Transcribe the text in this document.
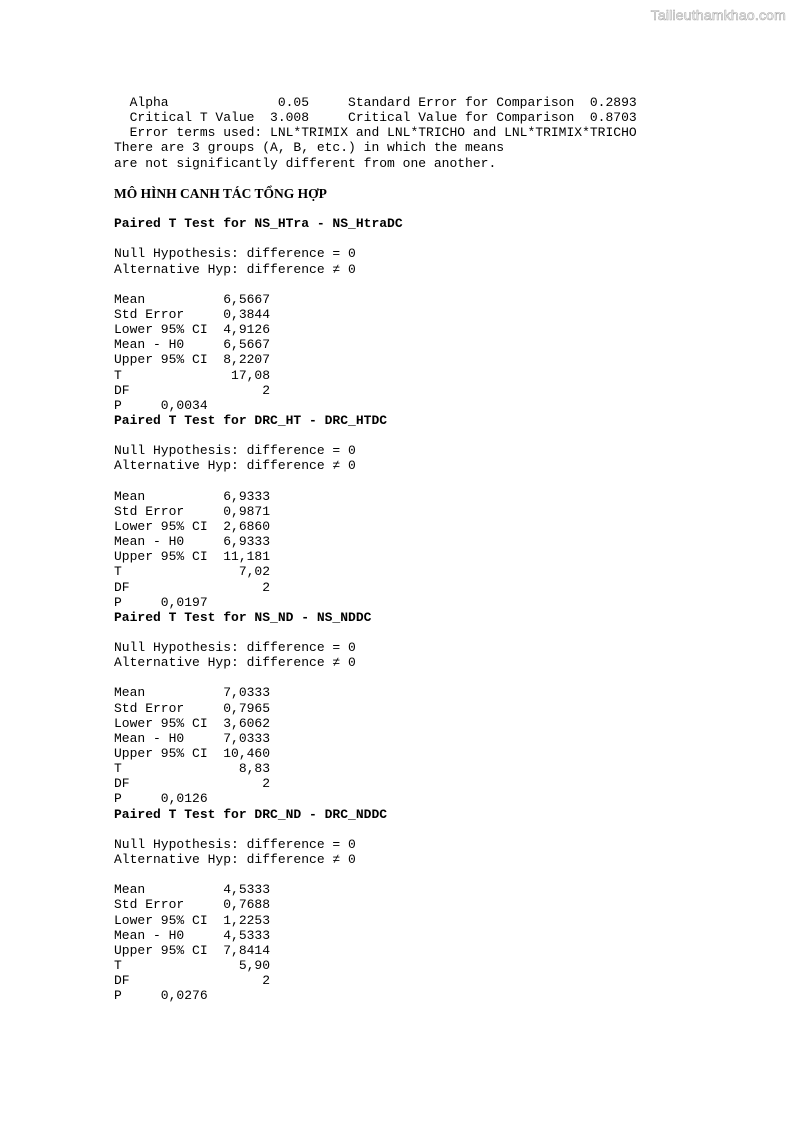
Tailieuthamkhao.com
Alpha              0.05     Standard Error for Comparison  0.2893
Critical T Value  3.008     Critical Value for Comparison  0.8703
Error terms used: LNL*TRIMIX and LNL*TRICHO and LNL*TRIMIX*TRICHO
There are 3 groups (A, B, etc.) in which the means
are not significantly different from one another.
MÔ HÌNH CANH TÁC TỔNG HỢP
Paired T Test for NS_HTra - NS_HtraDC
Null Hypothesis: difference = 0
Alternative Hyp: difference ≠ 0
Mean          6,5667
Std Error     0,3844
Lower 95% CI  4,9126
Mean - H0     6,5667
Upper 95% CI  8,2207
T              17,08
DF                 2
P     0,0034
Paired T Test for DRC_HT - DRC_HTDC
Null Hypothesis: difference = 0
Alternative Hyp: difference ≠ 0
Mean          6,9333
Std Error     0,9871
Lower 95% CI  2,6860
Mean - H0     6,9333
Upper 95% CI  11,181
T               7,02
DF                 2
P     0,0197
Paired T Test for NS_ND - NS_NDDC
Null Hypothesis: difference = 0
Alternative Hyp: difference ≠ 0
Mean          7,0333
Std Error     0,7965
Lower 95% CI  3,6062
Mean - H0     7,0333
Upper 95% CI  10,460
T               8,83
DF                 2
P     0,0126
Paired T Test for DRC_ND - DRC_NDDC
Null Hypothesis: difference = 0
Alternative Hyp: difference ≠ 0
Mean          4,5333
Std Error     0,7688
Lower 95% CI  1,2253
Mean - H0     4,5333
Upper 95% CI  7,8414
T               5,90
DF                 2
P     0,0276
